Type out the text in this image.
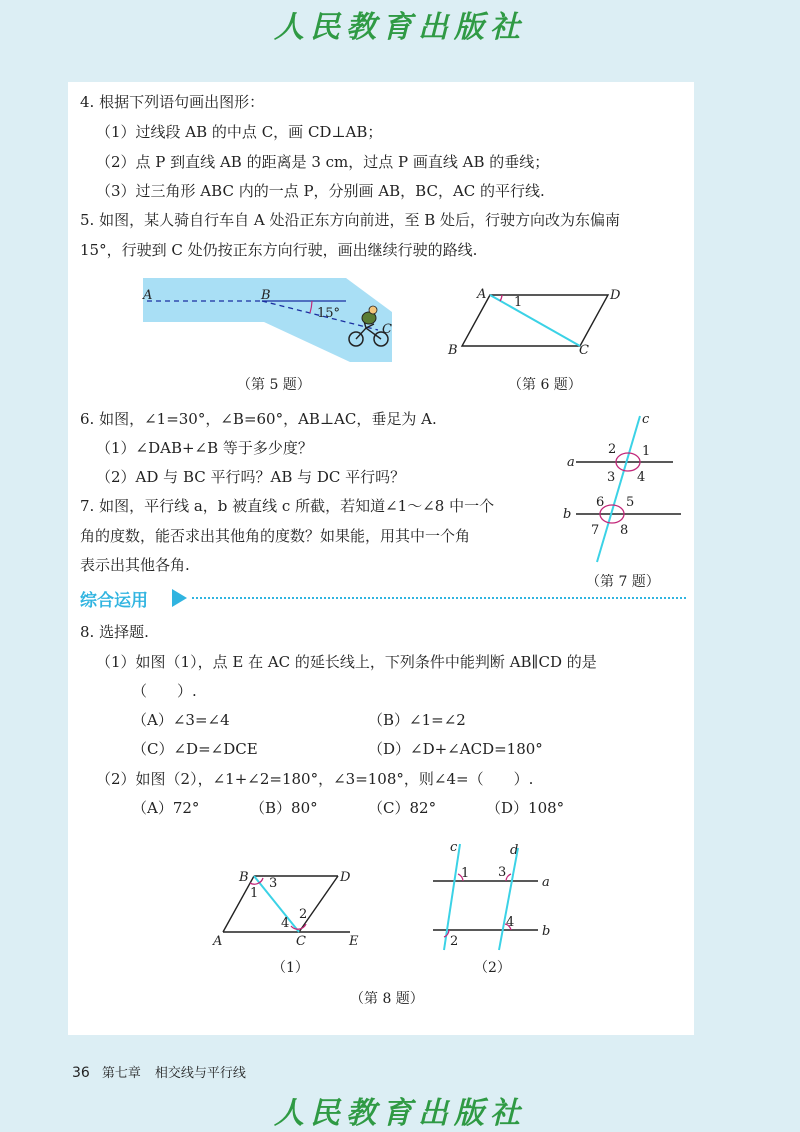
人民教育出版社
4. 根据下列语句画出图形：
（1）过线段 AB 的中点 C，画 CD⊥AB；
（2）点 P 到直线 AB 的距离是 3 cm，过点 P 画直线 AB 的垂线；
（3）过三角形 ABC 内的一点 P，分别画 AB，BC，AC 的平行线.
5. 如图，某人骑自行车自 A 处沿正东方向前进，至 B 处后，行驶方向改为东偏南
15°，行驶到 C 处仍按正东方向行驶，画出继续行驶的路线.
A	B
C
15°
（第 5 题）
A	D
B	C
1
（第 6 题）
6. 如图，∠1=30°，∠B=60°，AB⊥AC，垂足为 A.
（1）∠DAB+∠B 等于多少度？
（2）AD 与 BC 平行吗？AB 与 DC 平行吗？
7. 如图，平行线 a，b 被直线 c 所截，若知道∠1～∠8 中一个
角的度数，能否求出其他角的度数？如果能，用其中一个角
表示出其他各角.
a
b
c
2 1
3 4
6 5
7 8
（第 7 题）
综合运用
8. 选择题.
（1）如图（1），点 E 在 AC 的延长线上，下列条件中能判断 AB∥CD 的是
（　　）.
（A）∠3=∠4	（B）∠1=∠2
（C）∠D=∠DCE	（D）∠D+∠ACD=180°
（2）如图（2），∠1+∠2=180°，∠3=108°，则∠4=（　　）.
（A）72°	（B）80°	（C）82°	（D）108°
B	D
A	C	E
1
3
2
4
（1）
c	d
a
b
1 3
2
4
（2）
（第 8 题）
36 第七章 相交线与平行线
人民教育出版社
